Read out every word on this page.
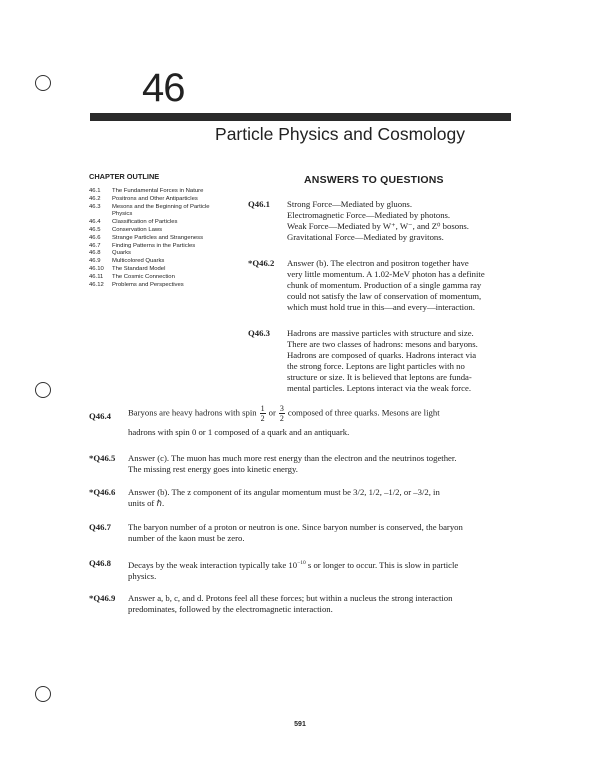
46
Particle Physics and Cosmology
CHAPTER OUTLINE
46.1	The Fundamental Forces in Nature
46.2	Positrons and Other Antiparticles
46.3	Mesons and the Beginning of Particle Physics
46.4	Classification of Particles
46.5	Conservation Laws
46.6	Strange Particles and Strangeness
46.7	Finding Patterns in the Particles
46.8	Quarks
46.9	Multicolored Quarks
46.10	The Standard Model
46.11	The Cosmic Connection
46.12	Problems and Perspectives
ANSWERS TO QUESTIONS
Q46.1 Strong Force—Mediated by gluons.
Electromagnetic Force—Mediated by photons.
Weak Force—Mediated by W⁺, W⁻, and Z⁰ bosons.
Gravitational Force—Mediated by gravitons.
*Q46.2 Answer (b). The electron and positron together have
very little momentum. A 1.02-MeV photon has a definite
chunk of momentum. Production of a single gamma ray
could not satisfy the law of conservation of momentum,
which must hold true in this—and every—interaction.
Q46.3 Hadrons are massive particles with structure and size.
There are two classes of hadrons: mesons and baryons.
Hadrons are composed of quarks. Hadrons interact via
the strong force. Leptons are light particles with no
structure or size. It is believed that leptons are funda-
mental particles. Leptons interact via the weak force.
Q46.4 Baryons are heavy hadrons with spin $\frac{1}{2}$ or $\frac{3}{2}$ composed of three quarks. Mesons are light
hadrons with spin 0 or 1 composed of a quark and an antiquark.
*Q46.5 Answer (c). The muon has much more rest energy than the electron and the neutrinos together.
The missing rest energy goes into kinetic energy.
*Q46.6 Answer (b). The z component of its angular momentum must be 3/2, 1/2, –1/2, or –3/2, in
units of ℏ.
Q46.7 The baryon number of a proton or neutron is one. Since baryon number is conserved, the baryon
number of the kaon must be zero.
Q46.8 Decays by the weak interaction typically take $10^{-10}$ s or longer to occur. This is slow in particle
physics.
*Q46.9 Answer a, b, c, and d. Protons feel all these forces; but within a nucleus the strong interaction
predominates, followed by the electromagnetic interaction.
591
